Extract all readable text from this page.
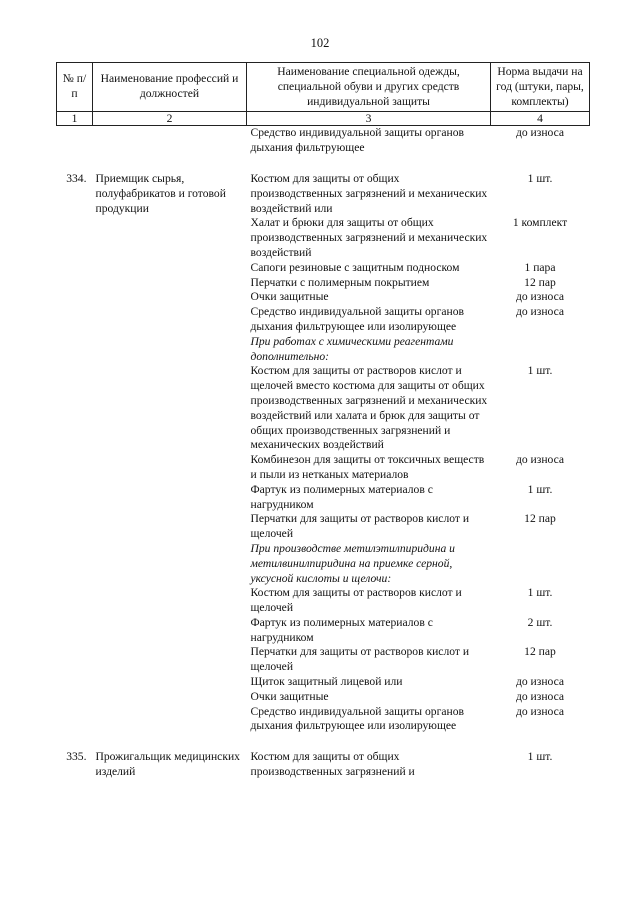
102
№ п/п	Наименование профессий и должностей	Наименование специальной одежды, специальной обуви и других средств индивидуальной защиты	Норма выдачи на год (штуки, пары, комплекты)
1	2	3	4
		Средство индивидуальной защиты органов дыхания фильтрующее	до износа

334.	Приемщик сырья, полуфабрикатов и готовой продукции	Костюм для защиты от общих производственных загрязнений и механических воздействий или	1 шт.
		Халат и брюки для защиты от общих производственных загрязнений и механических воздействий	1 комплект
		Сапоги резиновые с защитным подноском	1 пара
		Перчатки с полимерным покрытием	12 пар
		Очки защитные	до износа
		Средство индивидуальной защиты органов дыхания фильтрующее или изолирующее	до износа
		При работах с химическими реагентами дополнительно:	
		Костюм для защиты от растворов кислот и щелочей вместо костюма для защиты от общих производственных загрязнений и механических воздействий или халата и брюк для защиты от общих производственных загрязнений и механических воздействий	1 шт.
		Комбинезон для защиты от токсичных веществ и пыли из нетканых материалов	до износа
		Фартук из полимерных материалов с нагрудником	1 шт.
		Перчатки для защиты от растворов кислот и щелочей	12 пар
		При производстве метилэтилпиридина и метилвинилпиридина на приемке серной, уксусной кислоты и щелочи:	
		Костюм для защиты от растворов кислот и щелочей	1 шт.
		Фартук из полимерных материалов с нагрудником	2 шт.
		Перчатки для защиты от растворов кислот и щелочей	12 пар
		Щиток защитный лицевой или	до износа
		Очки защитные	до износа
		Средство индивидуальной защиты органов дыхания фильтрующее или изолирующее	до износа

335.	Прожигальщик медицинских изделий	Костюм для защиты от общих производственных загрязнений и	1 шт.
